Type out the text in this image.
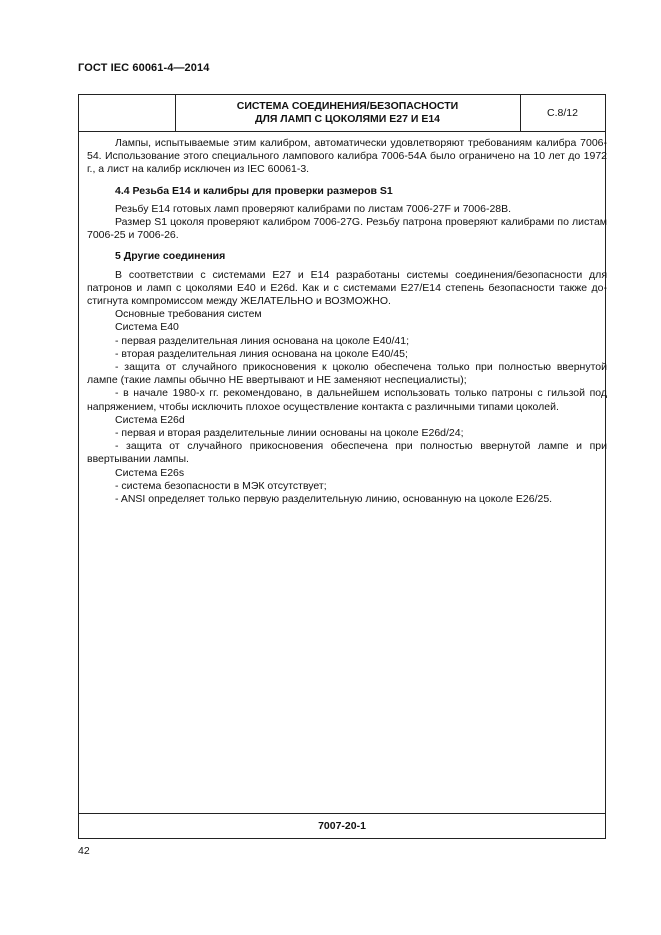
ГОСТ IEC 60061-4—2014
СИСТЕМА СОЕДИНЕНИЯ/БЕЗОПАСНОСТИ
ДЛЯ ЛАМП С ЦОКОЛЯМИ Е27 И Е14	С.8/12

Лампы, испытываемые этим калибром, автоматически удовлетворяют требованиям калибра 7006-54. Использование этого специального лампового калибра 7006-54А было ограничено на 10 лет до 1972 г., а лист на калибр исключен из IEC 60061-3.

4.4 Резьба Е14 и калибры для проверки размеров S1

Резьбу Е14 готовых ламп проверяют калибрами по листам 7006-27F и 7006-28В.

Размер S1 цоколя проверяют калибром 7006-27G. Резьбу патрона проверяют калибрами по листам 7006-25 и 7006-26.

5 Другие соединения

В соответствии с системами Е27 и Е14 разработаны системы соединения/безопасности для патронов и ламп с цоколями Е40 и Е26d. Как и с системами Е27/Е14 степень безопасности также до-стигнута компромиссом между ЖЕЛАТЕЛЬНО и ВОЗМОЖНО.

Основные требования систем

Система Е40

- первая разделительная линия основана на цоколе Е40/41;

- вторая разделительная линия основана на цоколе Е40/45;

- защита от случайного прикосновения к цоколю обеспечена только при полностью ввернутой лампе (такие лампы обычно НЕ ввертывают и НЕ заменяют неспециалисты);

- в начале 1980-х гг. рекомендовано, в дальнейшем использовать только патроны с гильзой под напряжением, чтобы исключить плохое осуществление контакта с различными типами цоколей.

Система Е26d

- первая и вторая разделительные линии основаны на цоколе Е26d/24;

- защита от случайного прикосновения обеспечена при полностью ввернутой лампе и при ввертывании лампы.

Система Е26s

- система безопасности в МЭК отсутствует;

- ANSI определяет только первую разделительную линию, основанную на цоколе Е26/25.

7007-20-1
42
